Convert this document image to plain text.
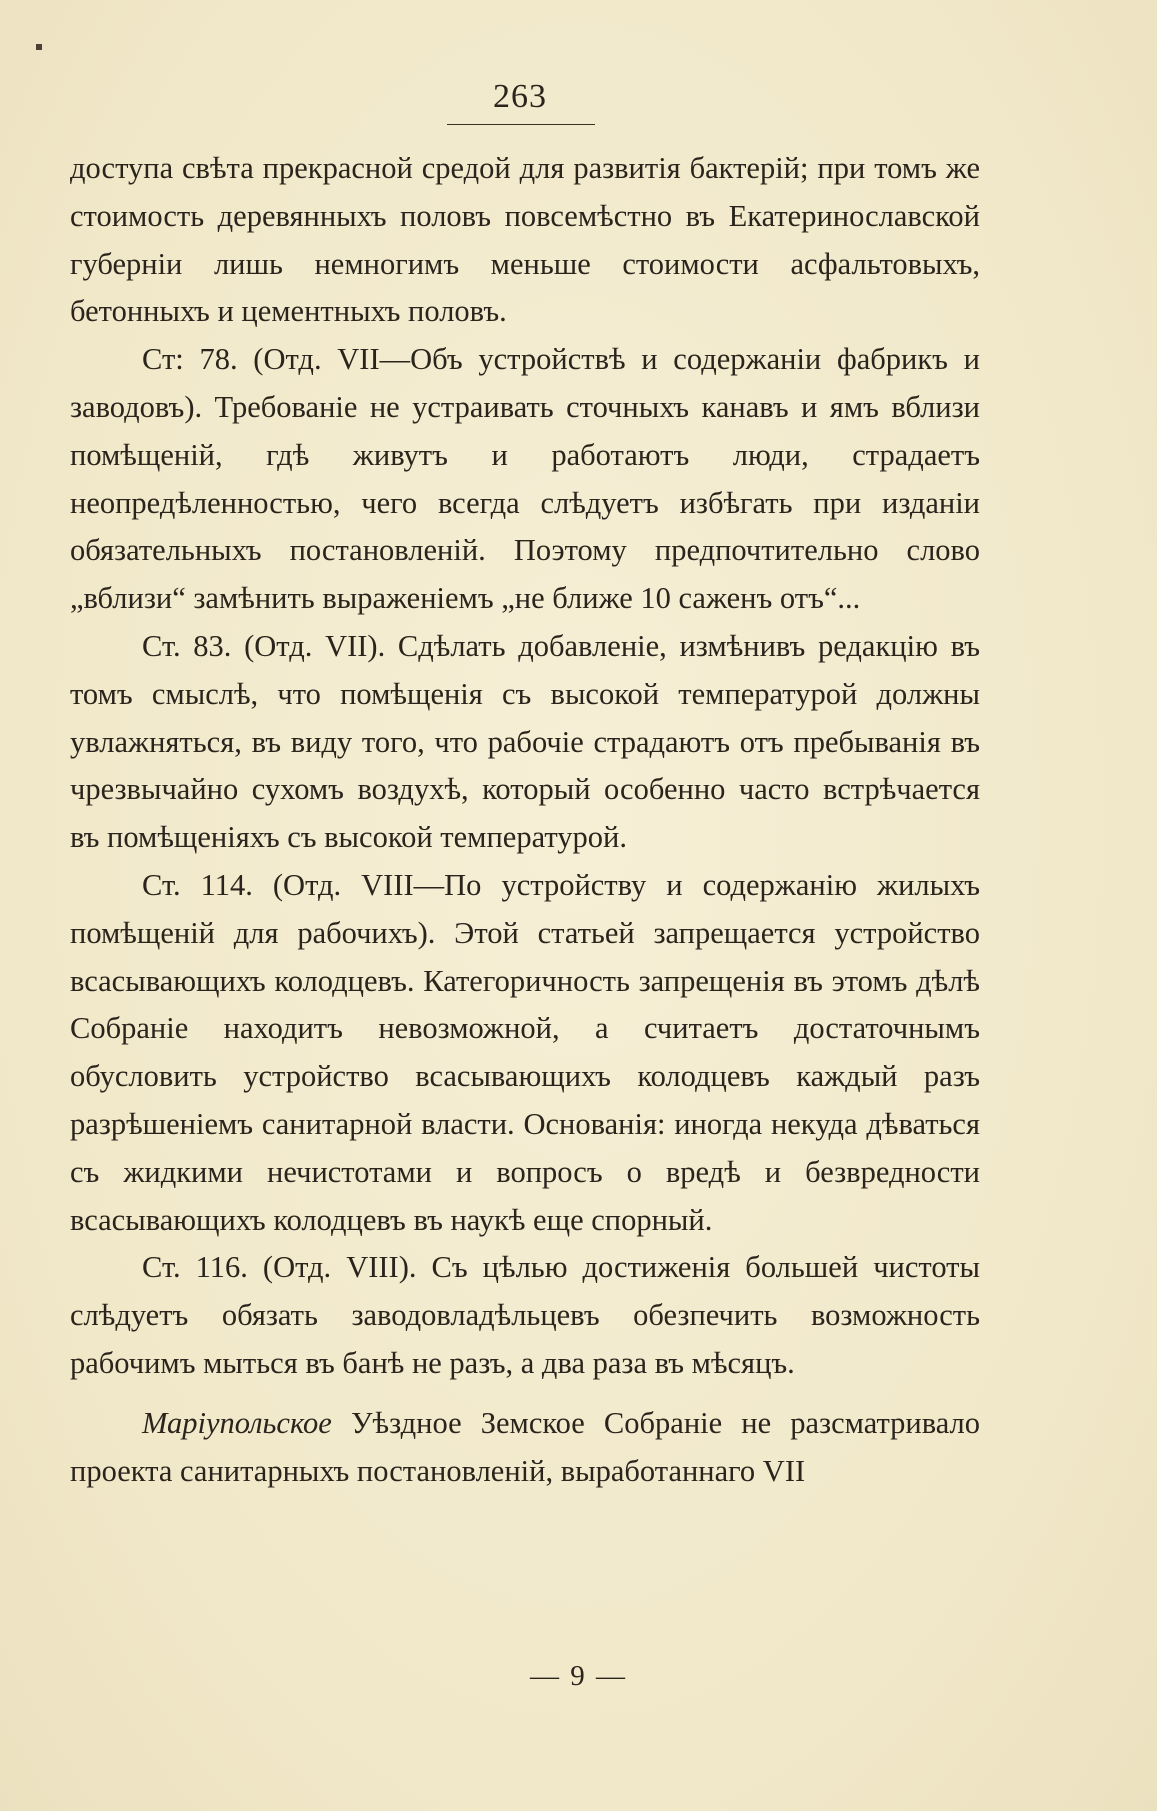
263

доступа свѣта прекрасной средой для развитія бактерій; при томъ же стоимость деревянныхъ половъ повсемѣстно въ Екатеринославской губерніи лишь немногимъ меньше стоимости асфальтовыхъ, бетонныхъ и цементныхъ половъ.

Ст: 78. (Отд. VII—Объ устройствѣ и содержаніи фабрикъ и заводовъ). Требованіе не устраивать сточныхъ канавъ и ямъ вблизи помѣщеній, гдѣ живутъ и работаютъ люди, страдаетъ неопредѣленностью, чего всегда слѣдуетъ избѣгать при изданіи обязательныхъ постановленій. Поэтому предпочтительно слово „вблизи“ замѣнить выраженіемъ „не ближе 10 саженъ отъ“...

Ст. 83. (Отд. VII). Сдѣлать добавленіе, измѣнивъ редакцію въ томъ смыслѣ, что помѣщенія съ высокой температурой должны увлажняться, въ виду того, что рабочіе страдаютъ отъ пребыванія въ чрезвычайно сухомъ воздухѣ, который особенно часто встрѣчается въ помѣщеніяхъ съ высокой температурой.

Ст. 114. (Отд. VIII—По устройству и содержанію жилыхъ помѣщеній для рабочихъ). Этой статьей запрещается устройство всасывающихъ колодцевъ. Категоричность запрещенія въ этомъ дѣлѣ Собраніе находитъ невозможной, а считаетъ достаточнымъ обусловить устройство всасывающихъ колодцевъ каждый разъ разрѣшеніемъ санитарной власти. Основанія: иногда некуда дѣваться съ жидкими нечистотами и вопросъ о вредѣ и безвредности всасывающихъ колодцевъ въ наукѣ еще спорный.

Ст. 116. (Отд. VIII). Съ цѣлью достиженія большей чистоты слѣдуетъ обязать заводовладѣльцевъ обезпечить возможность рабочимъ мыться въ банѣ не разъ, а два раза въ мѣсяцъ.

Маріупольское Уѣздное Земское Собраніе не разсматривало проекта санитарныхъ постановленій, выработаннаго VII

— 9 —
